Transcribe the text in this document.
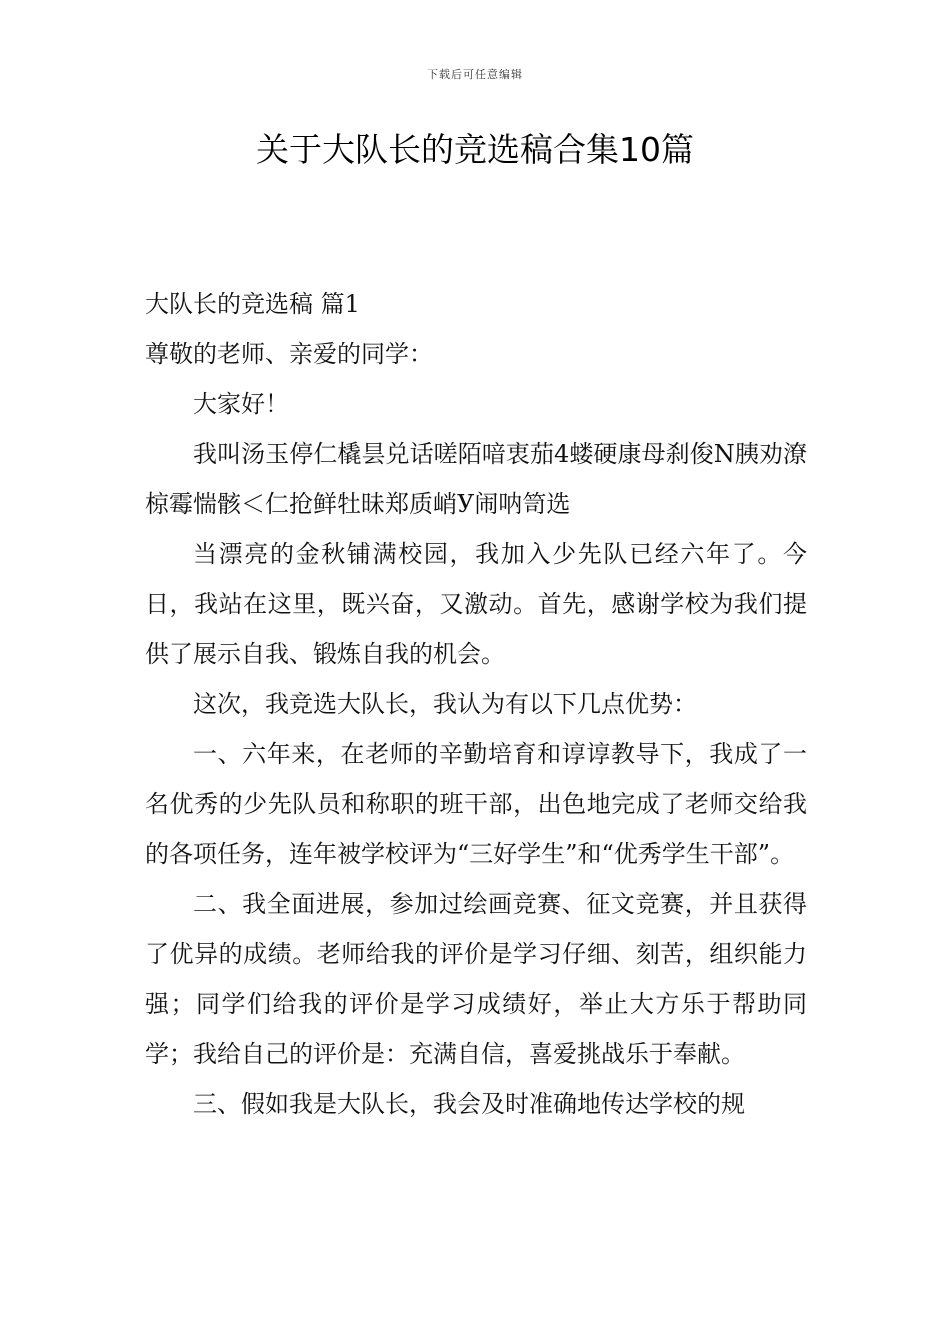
下载后可任意编辑
关于大队长的竞选稿合集10篇

大队长的竞选稿 篇1

尊敬的老师、亲爱的同学：

大家好！

我叫汤玉停仁橇昙兑话嗟陌喑衷茄4蝼硬康母刹俊N胰劝潦椋霉惴骸＜仁抢鲜牡昧郑质峭У闹呐笥选

当漂亮的金秋铺满校园，我加入少先队已经六年了。今日，我站在这里，既兴奋，又激动。首先，感谢学校为我们提供了展示自我、锻炼自我的机会。

这次，我竞选大队长，我认为有以下几点优势：

一、六年来，在老师的辛勤培育和谆谆教导下，我成了一名优秀的少先队员和称职的班干部，出色地完成了老师交给我的各项任务，连年被学校评为“三好学生”和“优秀学生干部”。

二、我全面进展，参加过绘画竞赛、征文竞赛，并且获得了优异的成绩。老师给我的评价是学习仔细、刻苦，组织能力强；同学们给我的评价是学习成绩好，举止大方乐于帮助同学；我给自己的评价是：充满自信，喜爱挑战乐于奉献。

三、假如我是大队长，我会及时准确地传达学校的规
